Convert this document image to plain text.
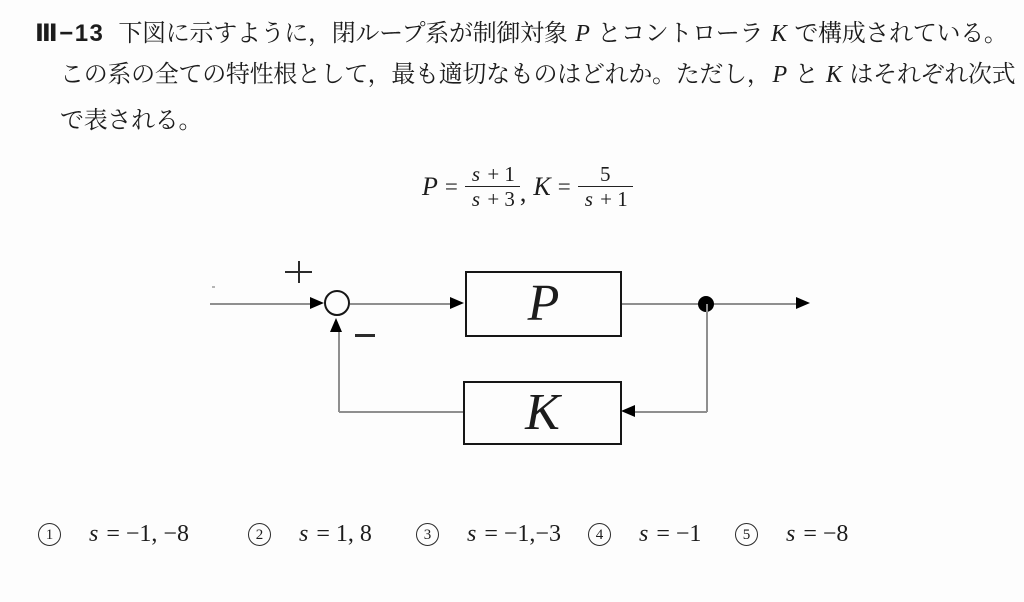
Ⅲ−13 下図に示すように，閉ループ系が制御対象 P とコントローラ K で構成されている。
この系の全ての特性根として，最も適切なものはどれか。ただし，P と K はそれぞれ次式
で表される。
$P = \frac{s + 1}{s + 3}$ , $K = \frac{5}{s + 1}$
P
K
1	s = −1, −8	2	s = 1, 8	3	s = −1,−3	4	s = −1	5	s = −8
